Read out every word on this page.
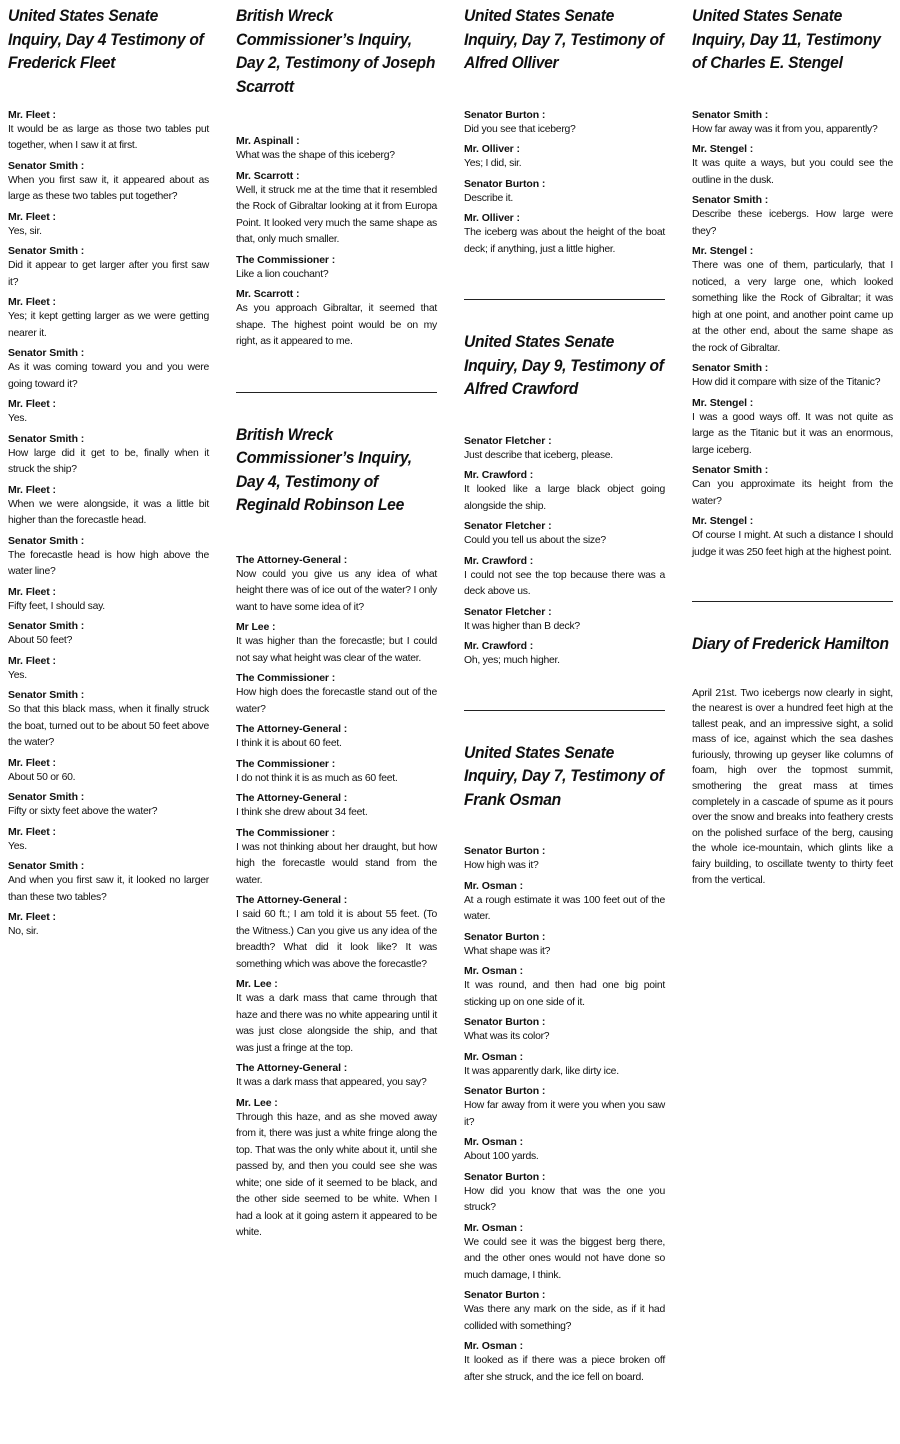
United States Senate Inquiry, Day 4 Testimony of Frederick Fleet
Mr. Fleet :
It would be as large as those two tables put together, when I saw it at first.
Senator Smith :
When you first saw it, it appeared about as large as these two tables put together?
Mr. Fleet :
Yes, sir.
Senator Smith :
Did it appear to get larger after you first saw it?
Mr. Fleet :
Yes; it kept getting larger as we were getting nearer it.
Senator Smith :
As it was coming toward you and you were going toward it?
Mr. Fleet :
Yes.
Senator Smith :
How large did it get to be, finally when it struck the ship?
Mr. Fleet :
When we were alongside, it was a little bit higher than the forecastle head.
Senator Smith :
The forecastle head is how high above the water line?
Mr. Fleet :
Fifty feet, I should say.
Senator Smith :
About 50 feet?
Mr. Fleet :
Yes.
Senator Smith :
So that this black mass, when it finally struck the boat, turned out to be about 50 feet above the water?
Mr. Fleet :
About 50 or 60.
Senator Smith :
Fifty or sixty feet above the water?
Mr. Fleet :
Yes.
Senator Smith :
And when you first saw it, it looked no larger than these two tables?
Mr. Fleet :
No, sir.
British Wreck Commissioner’s Inquiry, Day 2, Testimony of Joseph Scarrott
Mr. Aspinall :
What was the shape of this iceberg?
Mr. Scarrott :
Well, it struck me at the time that it resembled the Rock of Gibraltar looking at it from Europa Point. It looked very much the same shape as that, only much smaller.
The Commissioner :
Like a lion couchant?
Mr. Scarrott :
As you approach Gibraltar, it seemed that shape. The highest point would be on my right, as it appeared to me.
British Wreck Commissioner’s Inquiry, Day 4, Testimony of Reginald Robinson Lee
The Attorney-General :
Now could you give us any idea of what height there was of ice out of the water? I only want to have some idea of it?
Mr Lee :
It was higher than the forecastle; but I could not say what height was clear of the water.
The Commissioner :
How high does the forecastle stand out of the water?
The Attorney-General :
I think it is about 60 feet.
The Commissioner :
I do not think it is as much as 60 feet.
The Attorney-General :
I think she drew about 34 feet.
The Commissioner :
I was not thinking about her draught, but how high the forecastle would stand from the water.
The Attorney-General :
I said 60 ft.; I am told it is about 55 feet. (To the Witness.) Can you give us any idea of the breadth? What did it look like? It was something which was above the forecastle?
Mr. Lee :
It was a dark mass that came through that haze and there was no white appearing until it was just close alongside the ship, and that was just a fringe at the top.
The Attorney-General :
It was a dark mass that appeared, you say?
Mr. Lee :
Through this haze, and as she moved away from it, there was just a white fringe along the top. That was the only white about it, until she passed by, and then you could see she was white; one side of it seemed to be black, and the other side seemed to be white. When I had a look at it going astern it appeared to be white.
United States Senate Inquiry, Day 7, Testimony of Alfred Olliver
Senator Burton :
Did you see that iceberg?
Mr. Olliver :
Yes; I did, sir.
Senator Burton :
Describe it.
Mr. Olliver :
The iceberg was about the height of the boat deck; if anything, just a little higher.
United States Senate Inquiry, Day 9, Testimony of Alfred Crawford
Senator Fletcher :
Just describe that iceberg, please.
Mr. Crawford :
It looked like a large black object going alongside the ship.
Senator Fletcher :
Could you tell us about the size?
Mr. Crawford :
I could not see the top because there was a deck above us.
Senator Fletcher :
It was higher than B deck?
Mr. Crawford :
Oh, yes; much higher.
United States Senate Inquiry, Day 7, Testimony of Frank Osman
Senator Burton :
How high was it?
Mr. Osman :
At a rough estimate it was 100 feet out of the water.
Senator Burton :
What shape was it?
Mr. Osman :
It was round, and then had one big point sticking up on one side of it.
Senator Burton :
What was its color?
Mr. Osman :
It was apparently dark, like dirty ice.
Senator Burton :
How far away from it were you when you saw it?
Mr. Osman :
About 100 yards.
Senator Burton :
How did you know that was the one you struck?
Mr. Osman :
We could see it was the biggest berg there, and the other ones would not have done so much damage, I think.
Senator Burton :
Was there any mark on the side, as if it had collided with something?
Mr. Osman :
It looked as if there was a piece broken off after she struck, and the ice fell on board.
United States Senate Inquiry, Day 11, Testimony of Charles E. Stengel
Senator Smith :
How far away was it from you, apparently?
Mr. Stengel :
It was quite a ways, but you could see the outline in the dusk.
Senator Smith :
Describe these icebergs. How large were they?
Mr. Stengel :
There was one of them, particularly, that I noticed, a very large one, which looked something like the Rock of Gibraltar; it was high at one point, and another point came up at the other end, about the same shape as the rock of Gibraltar.
Senator Smith :
How did it compare with size of the Titanic?
Mr. Stengel :
I was a good ways off. It was not quite as large as the Titanic but it was an enormous, large iceberg.
Senator Smith :
Can you approximate its height from the water?
Mr. Stengel :
Of course I might. At such a distance I should judge it was 250 feet high at the highest point.
Diary of Frederick Hamilton
April 21st. Two icebergs now clearly in sight, the nearest is over a hundred feet high at the tallest peak, and an impressive sight, a solid mass of ice, against which the sea dashes furiously, throwing up geyser like columns of foam, high over the topmost summit, smothering the great mass at times completely in a cascade of spume as it pours over the snow and breaks into feathery crests on the polished surface of the berg, causing the whole ice-mountain, which glints like a fairy building, to oscillate twenty to thirty feet from the vertical.
